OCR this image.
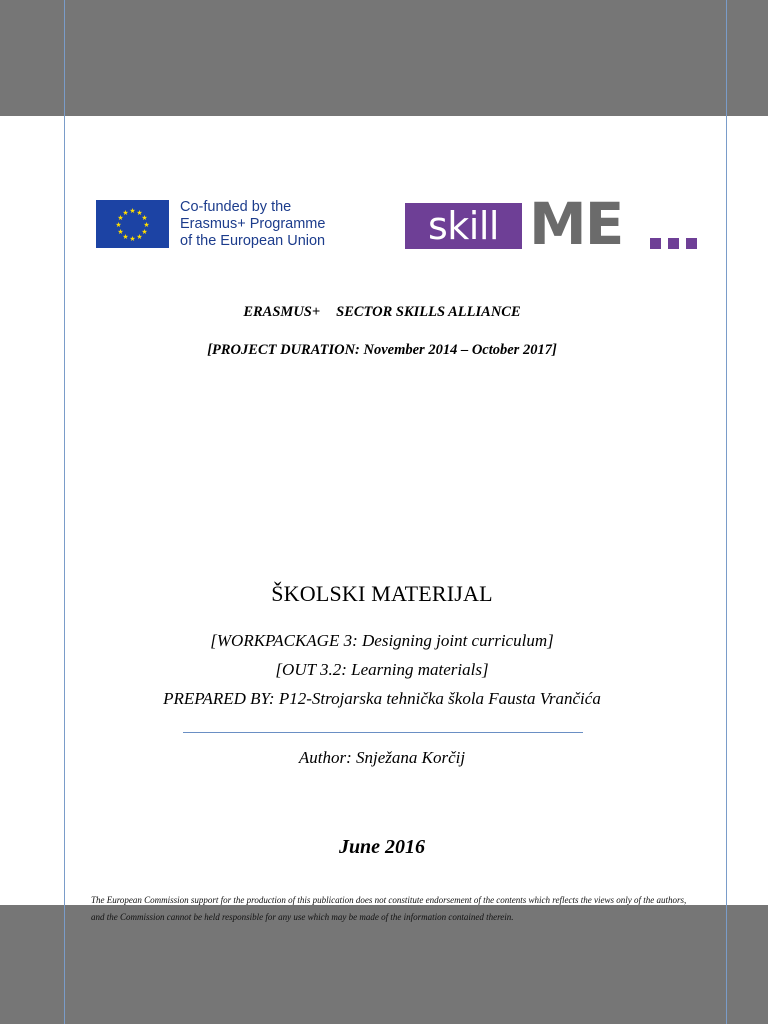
★ ★
★
★
★
★
★
★
★
★
★
★	Co-funded by the
Erasmus+ Programme
of the European Union	skill ME
ERASMUS+ SECTOR SKILLS ALLIANCE
[PROJECT DURATION: November 2014 – October 2017]
ŠKOLSKI MATERIJAL
[WORKPACKAGE 3: Designing joint curriculum]
[OUT 3.2: Learning materials]
PREPARED BY: P12-Strojarska tehnička škola Fausta Vrančića
Author: Snježana Korčij
June 2016
The European Commission support for the production of this publication does not constitute endorsement of the contents which reflects the views only of the authors, and the Commission cannot be held responsible for any use which may be made of the information contained therein.
